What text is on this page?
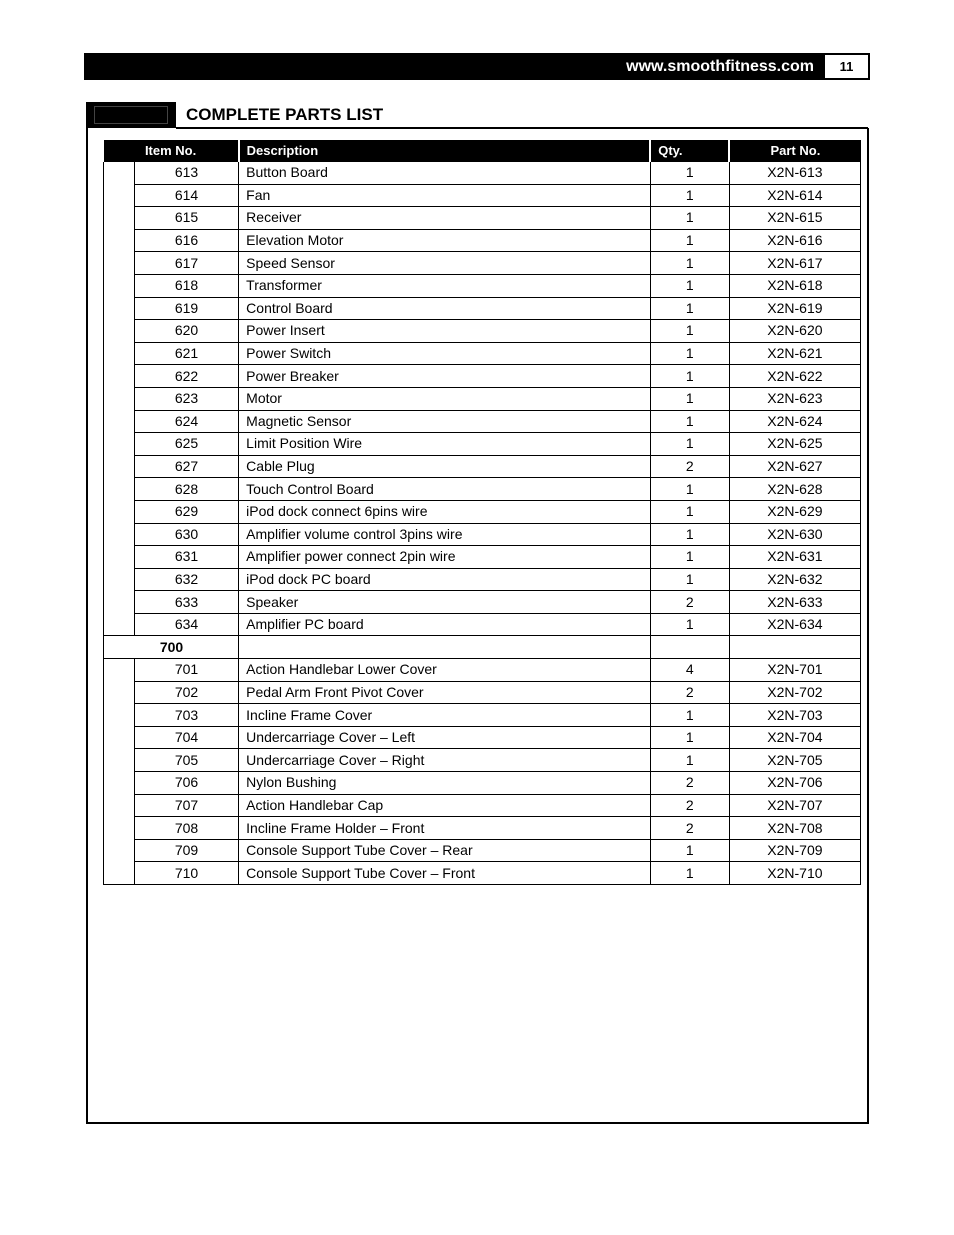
www.smoothfitness.com	11
COMPLETE PARTS LIST
Item No.		Description	Qty.	Part No.
	613	Button Board	1	X2N-613
	614	Fan	1	X2N-614
	615	Receiver	1	X2N-615
	616	Elevation Motor	1	X2N-616
	617	Speed Sensor	1	X2N-617
	618	Transformer	1	X2N-618
	619	Control Board	1	X2N-619
	620	Power Insert	1	X2N-620
	621	Power Switch	1	X2N-621
	622	Power Breaker	1	X2N-622
	623	Motor	1	X2N-623
	624	Magnetic Sensor	1	X2N-624
	625	Limit Position Wire	1	X2N-625
	627	Cable Plug	2	X2N-627
	628	Touch Control Board	1	X2N-628
	629	iPod dock connect 6pins wire	1	X2N-629
	630	Amplifier volume control 3pins wire	1	X2N-630
	631	Amplifier power connect 2pin wire	1	X2N-631
	632	iPod dock PC board	1	X2N-632
	633	Speaker	2	X2N-633
	634	Amplifier PC board	1	X2N-634
700				
	701	Action Handlebar Lower Cover	4	X2N-701
	702	Pedal Arm Front Pivot Cover	2	X2N-702
	703	Incline Frame Cover	1	X2N-703
	704	Undercarriage Cover – Left	1	X2N-704
	705	Undercarriage Cover – Right	1	X2N-705
	706	Nylon Bushing	2	X2N-706
	707	Action Handlebar Cap	2	X2N-707
	708	Incline Frame Holder – Front	2	X2N-708
	709	Console Support Tube Cover – Rear	1	X2N-709
	710	Console Support Tube Cover – Front	1	X2N-710
